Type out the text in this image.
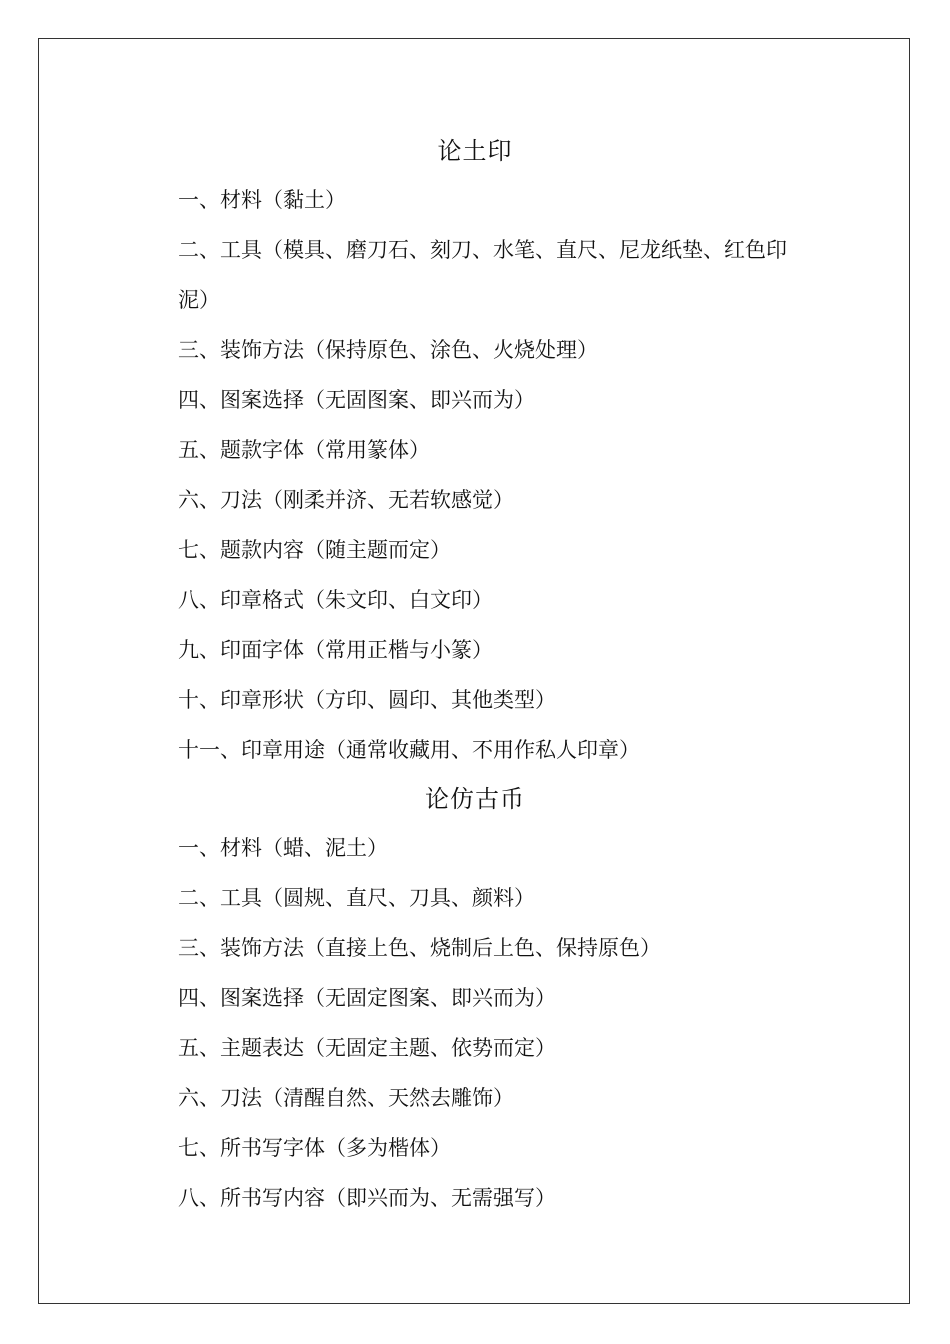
论土印
一、材料（黏土）
二、工具（模具、磨刀石、刻刀、水笔、直尺、尼龙纸垫、红色印泥）
三、装饰方法（保持原色、涂色、火烧处理）
四、图案选择（无固图案、即兴而为）
五、题款字体（常用篆体）
六、刀法（刚柔并济、无若软感觉）
七、题款内容（随主题而定）
八、印章格式（朱文印、白文印）
九、印面字体（常用正楷与小篆）
十、印章形状（方印、圆印、其他类型）
十一、印章用途（通常收藏用、不用作私人印章）
论仿古币
一、材料（蜡、泥土）
二、工具（圆规、直尺、刀具、颜料）
三、装饰方法（直接上色、烧制后上色、保持原色）
四、图案选择（无固定图案、即兴而为）
五、主题表达（无固定主题、依势而定）
六、刀法（清醒自然、天然去雕饰）
七、所书写字体（多为楷体）
八、所书写内容（即兴而为、无需强写）
